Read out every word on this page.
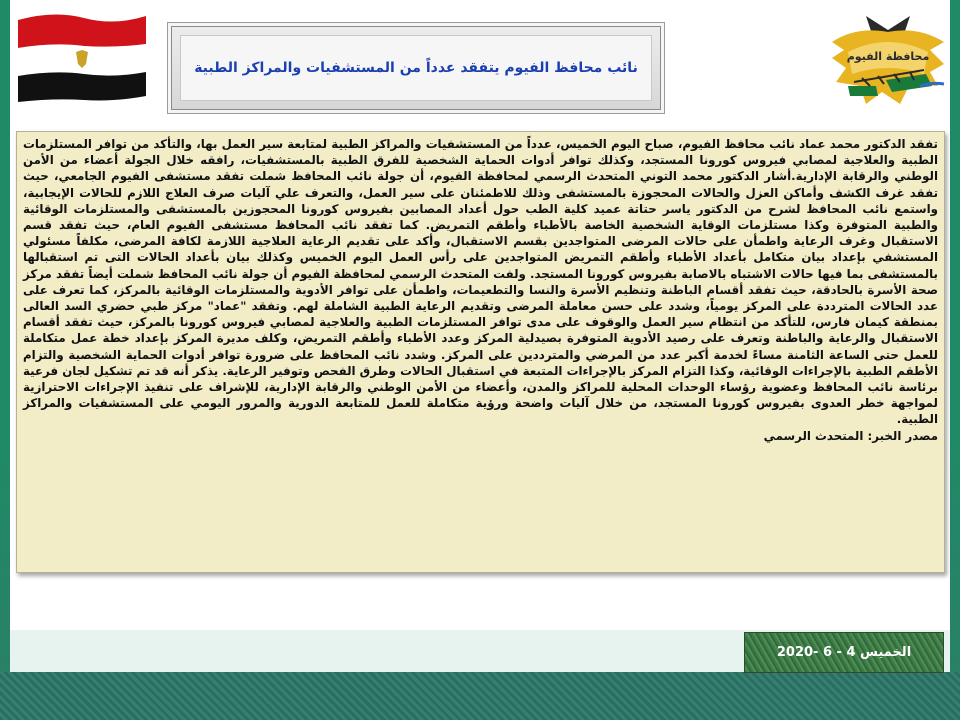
محافظة الفيوم
نائب محافظ الفيوم يتفقد عدداً من المستشفيات والمراكز الطبية
تفقد الدكتور محمد عماد نائب محافظ الفيوم، صباح اليوم الخميس، عدداً من المستشفيات والمراكز الطبية لمتابعة سير العمل بها، والتأكد من توافر المستلزمات الطبية والعلاجية لمصابي فيروس كورونا المستجد، وكذلك توافر أدوات الحماية الشخصية للفرق الطبية بالمستشفيات، رافقه خلال الجولة أعضاء من الأمن الوطني والرقابة الإدارية.أشار الدكتور محمد التوني المتحدث الرسمي لمحافظة الفيوم، أن جولة نائب المحافظ شملت تفقد مستشفى الفيوم الجامعي، حيث تفقد غرف الكشف وأماكن العزل والحالات المحجوزة بالمستشفى وذلك للاطمئنان على سير العمل، والتعرف علي آليات صرف العلاج اللازم للحالات الإيجابية، واستمع نائب المحافظ لشرح من الدكتور ياسر حتاتة عميد كلية الطب حول أعداد المصابين بفيروس كورونا المحجوزين بالمستشفى والمستلزمات الوقائية والطبية المتوفرة وكذا مستلزمات الوقاية الشخصية الخاصة بالأطباء وأطقم التمريض. كما تفقد نائب المحافظ مستشفى الفيوم العام، حيث تفقد قسم الاستقبال وغرف الرعاية واطمأن على حالات المرضى المتواجدين بقسم الاستقبال، وأكد على تقديم الرعاية العلاجية اللازمة لكافة المرضى، مكلفاً مسئولي المستشفي بإعداد بيان متكامل بأعداد الأطباء وأطقم التمريض المتواجدين على رأس العمل اليوم الخميس وكذلك بيان بأعداد الحالات التى تم استقبالها بالمستشفى بما فيها حالات الاشتباه بالاصابة بفيروس كورونا المستجد. ولفت المتحدث الرسمي لمحافظة الفيوم أن جولة نائب المحافظ شملت أيضاً تفقد مركز صحة الأسرة بالحادقة، حيث تفقد أقسام الباطنة وتنظيم الأسرة والنسا والتطعيمات، واطمأن على توافر الأدوية والمستلزمات الوقائية بالمركز، كما تعرف على عدد الحالات المترددة على المركز يومياً، وشدد على حسن معاملة المرضى وتقديم الرعاية الطبية الشاملة لهم. وتفقد "عماد" مركز طبي حضري السد العالى بمنطقة كيمان فارس، للتأكد من انتظام سير العمل والوقوف على مدى توافر المستلزمات الطبية والعلاجية لمصابي فيروس كورونا بالمركز، حيث تفقد أقسام الاستقبال والرعاية والباطنة وتعرف على رصيد الأدوية المتوفرة بصيدلية المركز وعدد الأطباء وأطقم التمريض، وكلف مديرة المركز بإعداد خطة عمل متكاملة للعمل حتى الساعة الثامنة مساءً لخدمة أكبر عدد من المرضي والمترددين على المركز. وشدد نائب المحافظ على ضرورة توافر أدوات الحماية الشخصية والتزام الأطقم الطبية بالإجراءات الوقائية، وكذا التزام المركز بالإجراءات المتبعة في استقبال الحالات وطرق الفحص وتوفير الرعاية. يذكر أنه قد تم تشكيل لجان فرعية برئاسة نائب المحافظ وعضوية رؤساء الوحدات المحلية للمراكز والمدن، وأعضاء من الأمن الوطني والرقابة الإدارية، للإشراف على تنفيذ الإجراءات الاحترازية لمواجهة خطر العدوى بفيروس كورونا المستجد، من خلال آليات واضحة ورؤية متكاملة للعمل للمتابعة الدورية والمرور اليومي على المستشفيات والمراكز الطبية.
مصدر الخبر: المتحدث الرسمي
الخميس 4 - 6 -2020
